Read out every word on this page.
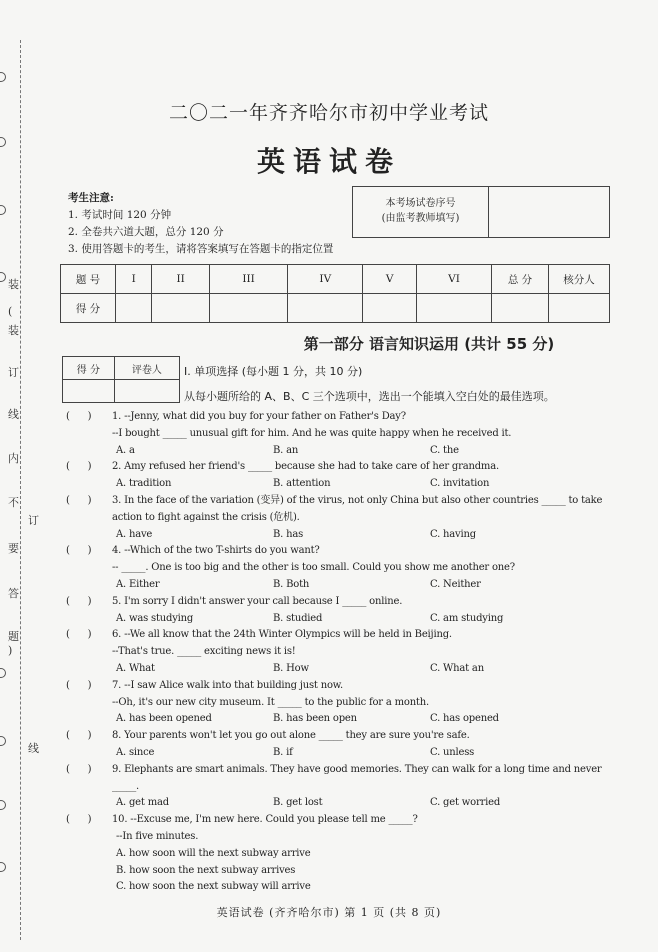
装
(
装
订
线
内
不
订
要
答
题
)
线
二〇二一年齐齐哈尔市初中学业考试
英语试卷
考生注意:
1. 考试时间 120 分钟
2. 全卷共六道大题，总分 120 分
3. 使用答题卡的考生，请将答案填写在答题卡的指定位置
本考场试卷序号
(由监考教师填写)
题 号	I	II	III	IV	V	VI	总 分	核分人
得 分								
第一部分 语言知识运用 (共计 55 分)
得 分	评卷人
	I. 单项选择 (每小题 1 分，共 10 分)
从每小题所给的 A、B、C 三个选项中，选出一个能填入空白处的最佳选项。
(      )	1. --Jenny, what did you buy for your father on Father's Day?
--I bought _____ unusual gift for him. And he was quite happy when he received it.
A. a	B. an	C. the
(      )	2. Amy refused her friend's _____ because she had to take care of her grandma.
A. tradition	B. attention	C. invitation
(      )	3. In the face of the variation (变异) of the virus, not only China but also other countries _____ to take action to fight against the crisis (危机).
A. have	B. has	C. having
(      )	4. --Which of the two T-shirts do you want?
-- _____. One is too big and the other is too small. Could you show me another one?
A. Either	B. Both	C. Neither
(      )	5. I'm sorry I didn't answer your call because I _____ online.
A. was studying	B. studied	C. am studying
(      )	6. --We all know that the 24th Winter Olympics will be held in Beijing.
--That's true. _____ exciting news it is!
A. What	B. How	C. What an
(      )	7. --I saw Alice walk into that building just now.
--Oh, it's our new city museum. It _____ to the public for a month.
A. has been opened	B. has been open	C. has opened
(      )	8. Your parents won't let you go out alone _____ they are sure you're safe.
A. since	B. if	C. unless
(      )	9. Elephants are smart animals. They have good memories. They can walk for a long time and never _____.
A. get mad	B. get lost	C. get worried
(      )	10. --Excuse me, I'm new here. Could you please tell me _____?
--In five minutes.
A. how soon will the next subway arrive
B. how soon the next subway arrives
C. how soon the next subway will arrive
英语试卷 (齐齐哈尔市) 第 1 页 (共 8 页)
